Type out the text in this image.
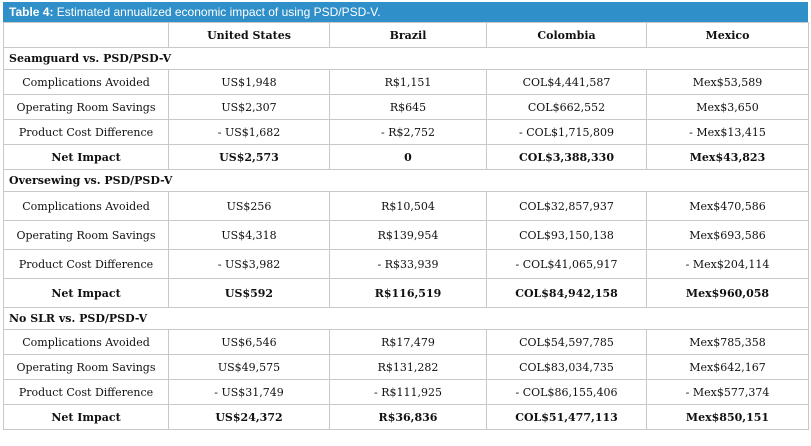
Table 4: Estimated annualized economic impact of using PSD/PSD-V.
	United States	Brazil	Colombia	Mexico
Seamguard vs. PSD/PSD-V				
Complications Avoided	US$1,948	R$1,151	COL$4,441,587	Mex$53,589
Operating Room Savings	US$2,307	R$645	COL$662,552	Mex$3,650
Product Cost Difference	- US$1,682	- R$2,752	- COL$1,715,809	- Mex$13,415
Net Impact	US$2,573	0	COL$3,388,330	Mex$43,823
Oversewing vs. PSD/PSD-V				
Complications Avoided	US$256	R$10,504	COL$32,857,937	Mex$470,586
Operating Room Savings	US$4,318	R$139,954	COL$93,150,138	Mex$693,586
Product Cost Difference	- US$3,982	- R$33,939	- COL$41,065,917	- Mex$204,114
Net Impact	US$592	R$116,519	COL$84,942,158	Mex$960,058
No SLR vs. PSD/PSD-V				
Complications Avoided	US$6,546	R$17,479	COL$54,597,785	Mex$785,358
Operating Room Savings	US$49,575	R$131,282	COL$83,034,735	Mex$642,167
Product Cost Difference	- US$31,749	- R$111,925	- COL$86,155,406	- Mex$577,374
Net Impact	US$24,372	R$36,836	COL$51,477,113	Mex$850,151
